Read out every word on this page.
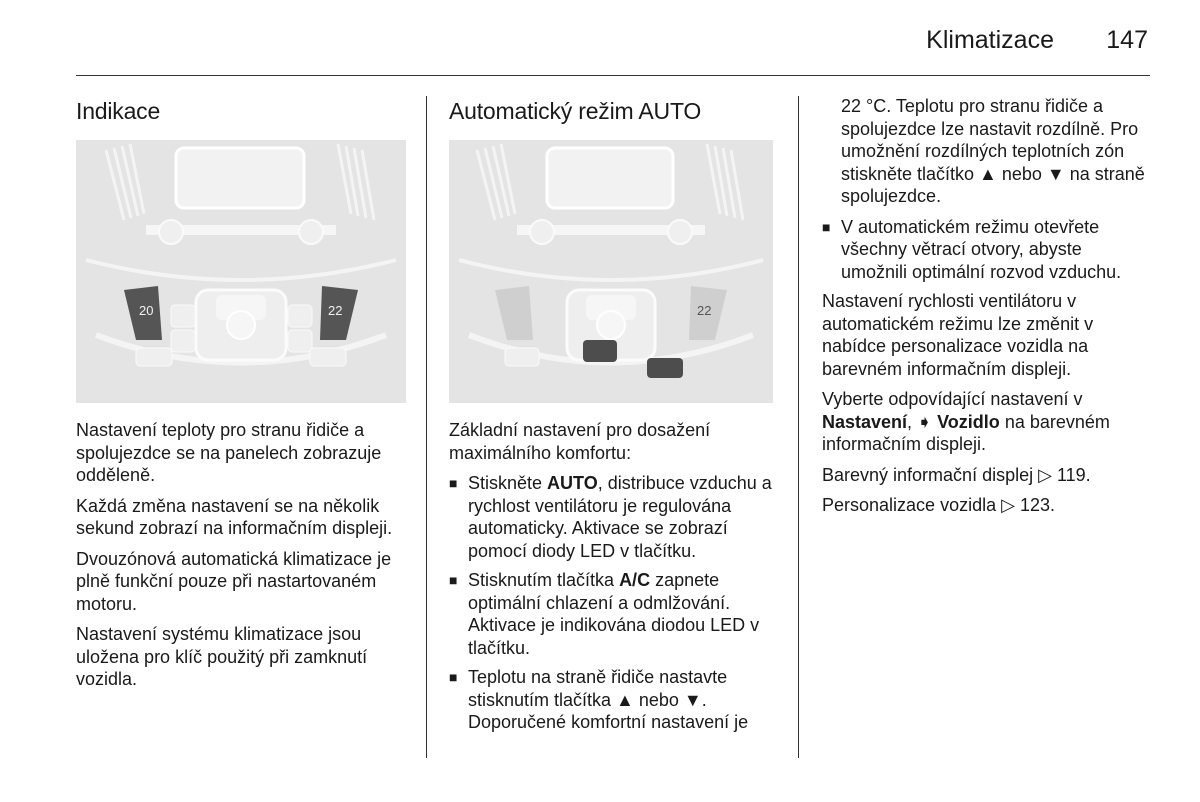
Klimatizace 147
Indikace
20	22

Nastavení teploty pro stranu řidiče a spolujezdce se na panelech zobrazuje odděleně.

Každá změna nastavení se na několik sekund zobrazí na informačním displeji.

Dvouzónová automatická klimatizace je plně funkční pouze při nastartovaném motoru.

Nastavení systému klimatizace jsou uložena pro klíč použitý při zamknutí vozidla.

Automatický režim AUTO
22

Základní nastavení pro dosažení maximálního komfortu:

■ Stiskněte AUTO, distribuce vzduchu a rychlost ventilátoru je regulována automaticky. Aktivace se zobrazí pomocí diody LED v tlačítku.
■ Stisknutím tlačítka A/C zapnete optimální chlazení a odmlžování. Aktivace je indikována diodou LED v tlačítku.
■ Teplotu na straně řidiče nastavte stisknutím tlačítka ▲ nebo ▼. Doporučené komfortní nastavení je

22 °C. Teplotu pro stranu řidiče a spolujezdce lze nastavit rozdílně. Pro umožnění rozdílných teplotních zón stiskněte tlačítko ▲ nebo ▼ na straně spolujezdce.

■ V automatickém režimu otevřete všechny větrací otvory, abyste umožnili optimální rozvod vzduchu.

Nastavení rychlosti ventilátoru v automatickém režimu lze změnit v nabídce personalizace vozidla na barevném informačním displeji.

Vyberte odpovídající nastavení v Nastavení, ➧ Vozidlo na barevném informačním displeji.

Barevný informační displej ▷ 119.

Personalizace vozidla ▷ 123.
